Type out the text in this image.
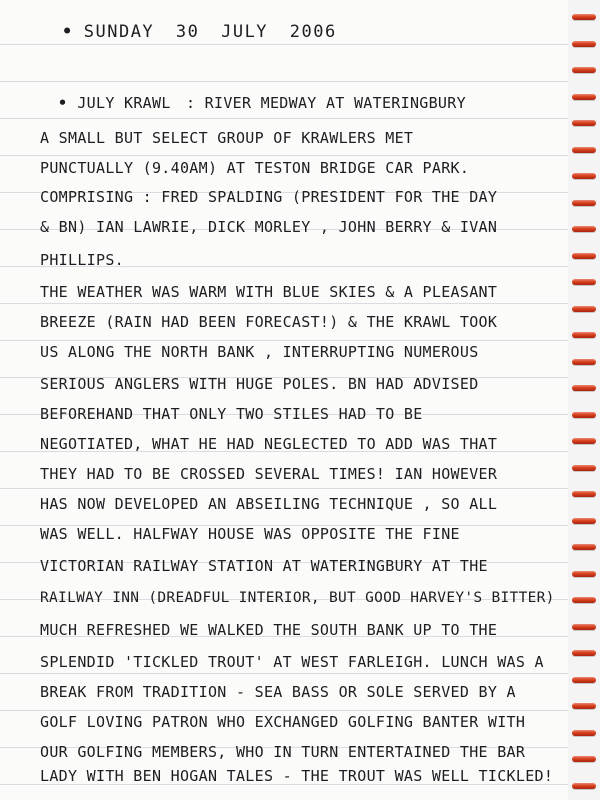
• SUNDAY 30 JULY 2006

• JULY KRAWL : RIVER MEDWAY AT WATERINGBURY

A SMALL BUT SELECT GROUP OF KRAWLERS MET

PUNCTUALLY (9.40AM) AT TESTON BRIDGE CAR PARK.

COMPRISING : FRED SPALDING (PRESIDENT FOR THE DAY

& BN) IAN LAWRIE, DICK MORLEY , JOHN BERRY & IVAN

PHILLIPS.

THE WEATHER WAS WARM WITH BLUE SKIES & A PLEASANT

BREEZE (RAIN HAD BEEN FORECAST!) & THE KRAWL TOOK

US ALONG THE NORTH BANK , INTERRUPTING NUMEROUS

SERIOUS ANGLERS WITH HUGE POLES. BN HAD ADVISED

BEFOREHAND THAT ONLY TWO STILES HAD TO BE

NEGOTIATED, WHAT HE HAD NEGLECTED TO ADD WAS THAT

THEY HAD TO BE CROSSED SEVERAL TIMES! IAN HOWEVER

HAS NOW DEVELOPED AN ABSEILING TECHNIQUE , SO ALL

WAS WELL. HALFWAY HOUSE WAS OPPOSITE THE FINE

VICTORIAN RAILWAY STATION AT WATERINGBURY AT THE

RAILWAY INN (DREADFUL INTERIOR, BUT GOOD HARVEY'S BITTER)

MUCH REFRESHED WE WALKED THE SOUTH BANK UP TO THE

SPLENDID 'TICKLED TROUT' AT WEST FARLEIGH. LUNCH WAS A

BREAK FROM TRADITION - SEA BASS OR SOLE SERVED BY A

GOLF LOVING PATRON WHO EXCHANGED GOLFING BANTER WITH

OUR GOLFING MEMBERS, WHO IN TURN ENTERTAINED THE BAR

LADY WITH BEN HOGAN TALES - THE TROUT WAS WELL TICKLED!
